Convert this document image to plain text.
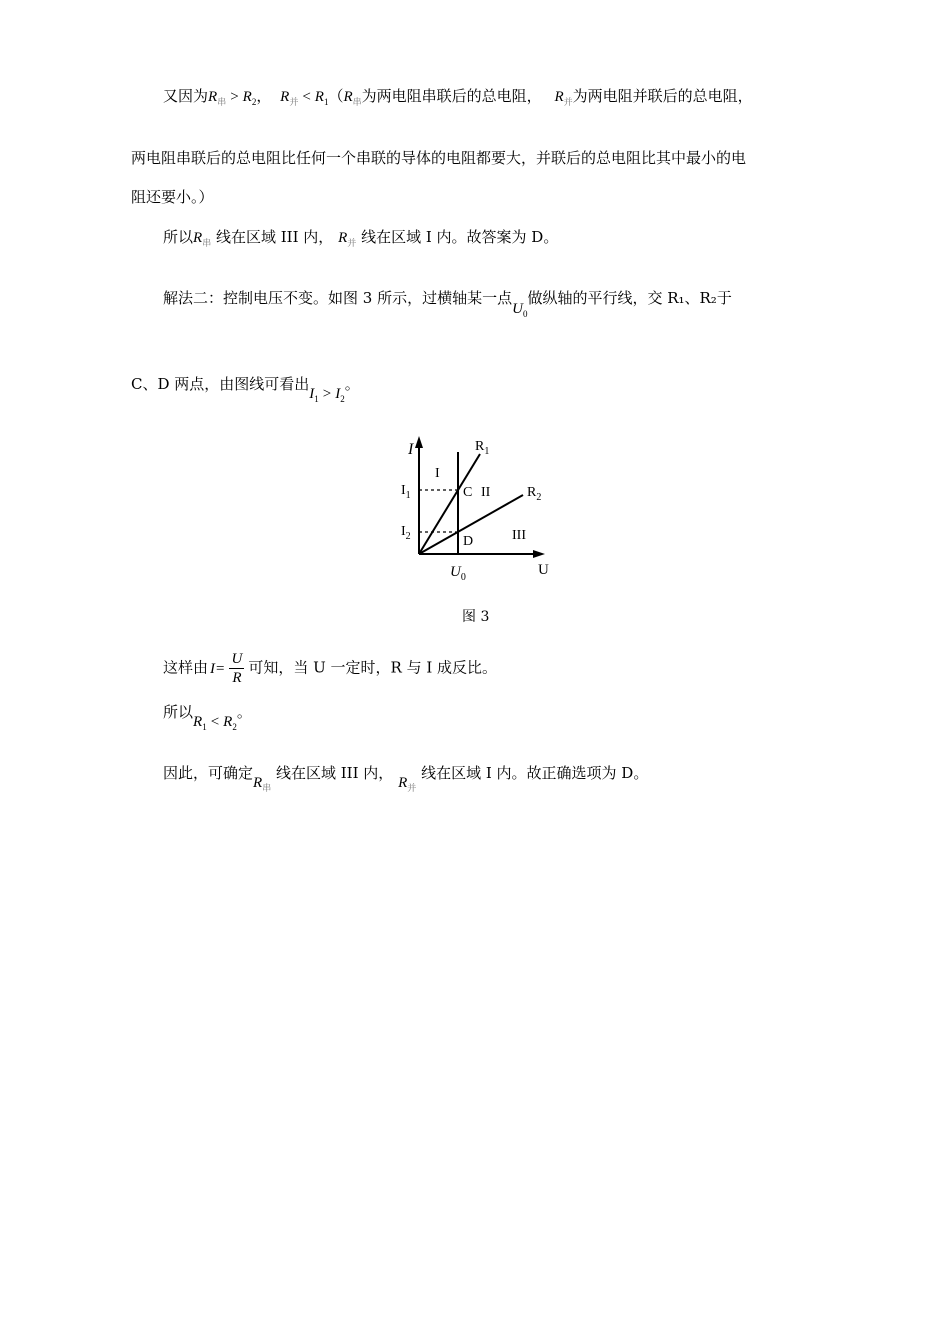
又因为$R_串 > R_2$， $R_并 < R_1(R_串$为两电阻串联后的总电阻， $R_并$为两电阻并联后的总电阻，
两电阻串联后的总电阻比任何一个串联的导体的电阻都要大，并联后的总电阻比其中最小的电
阻还要小。）
所以$R_串$ 线在区域 III 内， $R_并$ 线在区域 I 内。故答案为 D。
解法二：控制电压不变。如图 3 所示，过横轴某一点$U_0$做纵轴的平行线，交 R₁、R₂于
C、D 两点，由图线可看出$I_1 > I_2$。
I
U
$R_1$
$R_2$
$I_1$
$I_2$
$U_0$
C
D
I
II
III
图 3
这样由 $I= \frac{U}{R}$ 可知，当 U 一定时，R 与 I 成反比。
所以$R_1 < R_2$。
因此，可确定$R_串$ 线在区域 III 内， $R_并$ 线在区域 I 内。故正确选项为 D。
